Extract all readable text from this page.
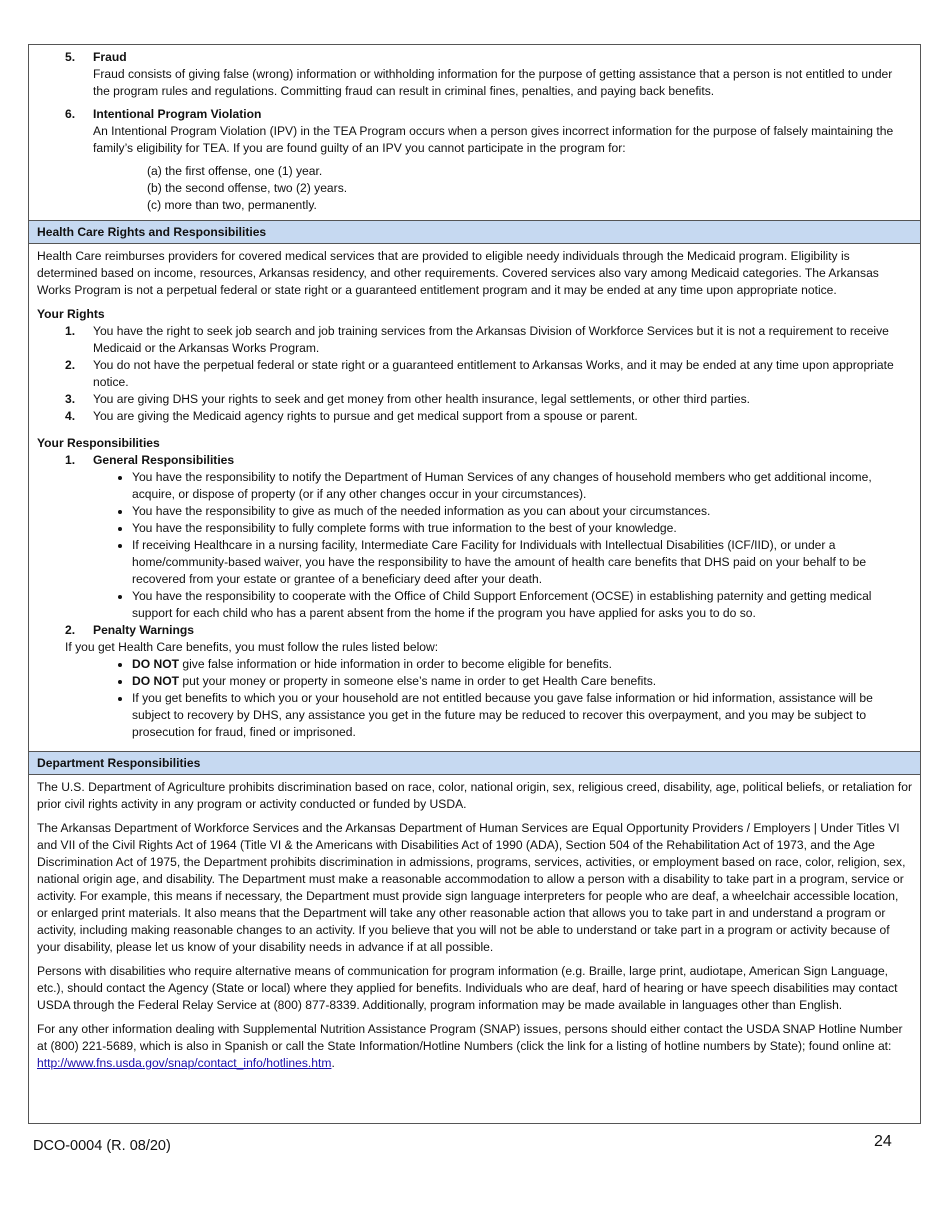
5. Fraud
Fraud consists of giving false (wrong) information or withholding information for the purpose of getting assistance that a person is not entitled to under the program rules and regulations. Committing fraud can result in criminal fines, penalties, and paying back benefits.
6. Intentional Program Violation
An Intentional Program Violation (IPV) in the TEA Program occurs when a person gives incorrect information for the purpose of falsely maintaining the family’s eligibility for TEA. If you are found guilty of an IPV you cannot participate in the program for:
(a) the first offense, one (1) year.
(b) the second offense, two (2) years.
(c) more than two, permanently.
Health Care Rights and Responsibilities

Health Care reimburses providers for covered medical services that are provided to eligible needy individuals through the Medicaid program. Eligibility is determined based on income, resources, Arkansas residency, and other requirements. Covered services also vary among Medicaid categories. The Arkansas Works Program is not a perpetual federal or state right or a guaranteed entitlement program and it may be ended at any time upon appropriate notice.

Your Rights
1. You have the right to seek job search and job training services from the Arkansas Division of Workforce Services but it is not a requirement to receive Medicaid or the Arkansas Works Program.
2. You do not have the perpetual federal or state right or a guaranteed entitlement to Arkansas Works, and it may be ended at any time upon appropriate notice.
3. You are giving DHS your rights to seek and get money from other health insurance, legal settlements, or other third parties.
4. You are giving the Medicaid agency rights to pursue and get medical support from a spouse or parent.
Your Responsibilities
1. General Responsibilities
• You have the responsibility to notify the Department of Human Services of any changes of household members who get additional income, acquire, or dispose of property (or if any other changes occur in your circumstances).
• You have the responsibility to give as much of the needed information as you can about your circumstances.
• You have the responsibility to fully complete forms with true information to the best of your knowledge.
• If receiving Healthcare in a nursing facility, Intermediate Care Facility for Individuals with Intellectual Disabilities (ICF/IID), or under a home/community-based waiver, you have the responsibility to have the amount of health care benefits that DHS paid on your behalf to be recovered from your estate or grantee of a beneficiary deed after your death.
• You have the responsibility to cooperate with the Office of Child Support Enforcement (OCSE) in establishing paternity and getting medical support for each child who has a parent absent from the home if the program you have applied for asks you to do so.
2. Penalty Warnings
If you get Health Care benefits, you must follow the rules listed below:
• DO NOT give false information or hide information in order to become eligible for benefits.
• DO NOT put your money or property in someone else’s name in order to get Health Care benefits.
• If you get benefits to which you or your household are not entitled because you gave false information or hid information, assistance will be subject to recovery by DHS, any assistance you get in the future may be reduced to recover this overpayment, and you may be subject to prosecution for fraud, fined or imprisoned.
Department Responsibilities

The U.S. Department of Agriculture prohibits discrimination based on race, color, national origin, sex, religious creed, disability, age, political beliefs, or retaliation for prior civil rights activity in any program or activity conducted or funded by USDA.

The Arkansas Department of Workforce Services and the Arkansas Department of Human Services are Equal Opportunity Providers / Employers | Under Titles VI and VII of the Civil Rights Act of 1964 (Title VI & the Americans with Disabilities Act of 1990 (ADA), Section 504 of the Rehabilitation Act of 1973, and the Age Discrimination Act of 1975, the Department prohibits discrimination in admissions, programs, services, activities, or employment based on race, color, religion, sex, national origin age, and disability. The Department must make a reasonable accommodation to allow a person with a disability to take part in a program, service or activity. For example, this means if necessary, the Department must provide sign language interpreters for people who are deaf, a wheelchair accessible location, or enlarged print materials. It also means that the Department will take any other reasonable action that allows you to take part in and understand a program or activity, including making reasonable changes to an activity. If you believe that you will not be able to understand or take part in a program or activity because of your disability, please let us know of your disability needs in advance if at all possible.

Persons with disabilities who require alternative means of communication for program information (e.g. Braille, large print, audiotape, American Sign Language, etc.), should contact the Agency (State or local) where they applied for benefits. Individuals who are deaf, hard of hearing or have speech disabilities may contact USDA through the Federal Relay Service at (800) 877-8339. Additionally, program information may be made available in languages other than English.

For any other information dealing with Supplemental Nutrition Assistance Program (SNAP) issues, persons should either contact the USDA SNAP Hotline Number at (800) 221-5689, which is also in Spanish or call the State Information/Hotline Numbers (click the link for a listing of hotline numbers by State); found online at: http://www.fns.usda.gov/snap/contact_info/hotlines.htm.

DCO-0004 (R. 08/20)	24
